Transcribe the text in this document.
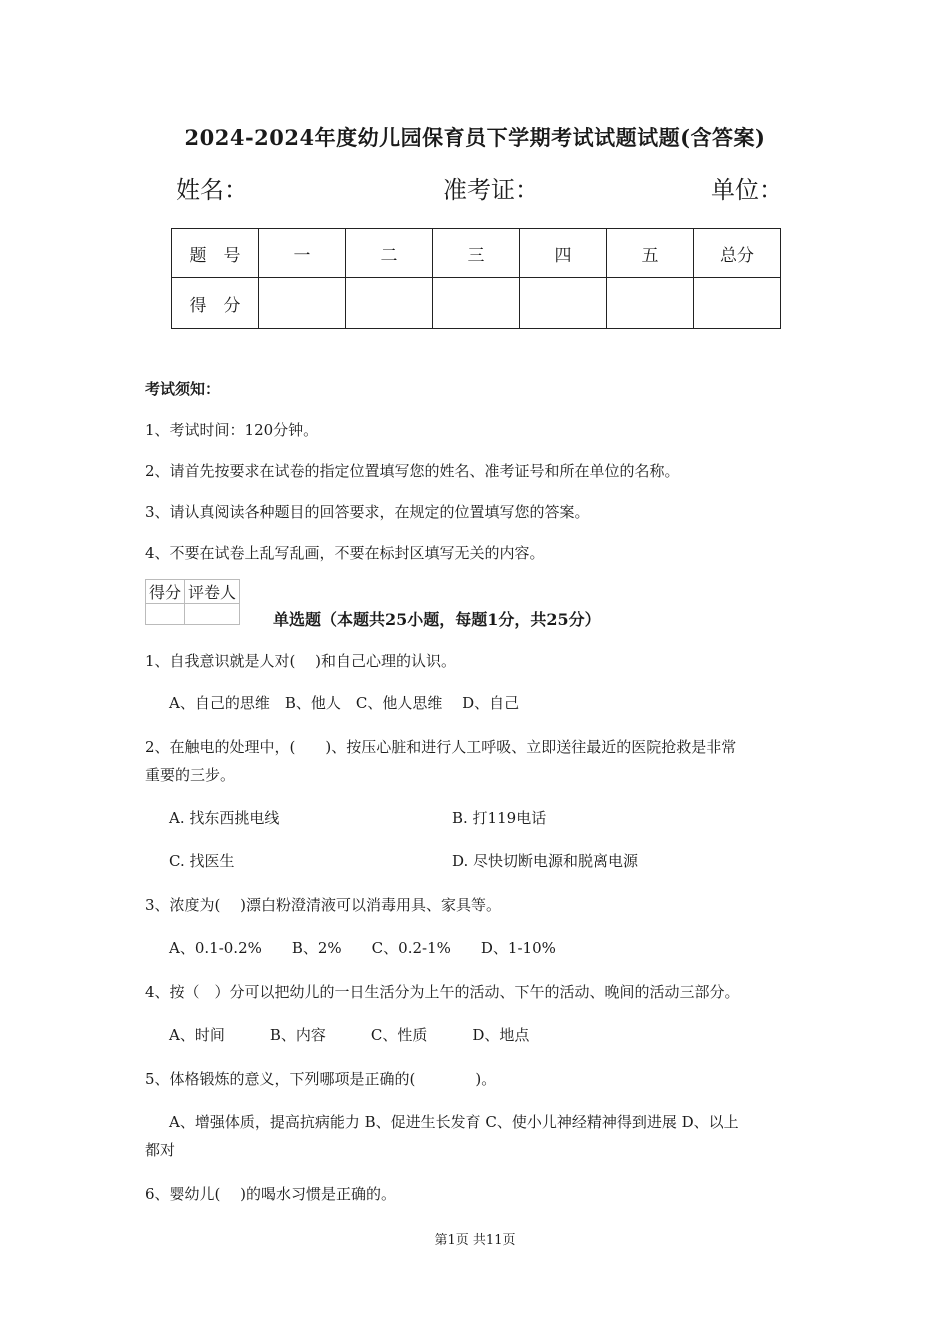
2024-2024年度幼儿园保育员下学期考试试题试题(含答案)
姓名：	准考证：	单位：
题　号	一	二	三	四	五	总分
得　分						
考试须知：
1、考试时间：120分钟。
2、请首先按要求在试卷的指定位置填写您的姓名、准考证号和所在单位的名称。
3、请认真阅读各种题目的回答要求，在规定的位置填写您的答案。
4、不要在试卷上乱写乱画，不要在标封区填写无关的内容。
得分	评卷人

单选题（本题共25小题，每题1分，共25分）
1、自我意识就是人对(　 )和自己心理的认识。
A、自己的思维　B、他人　C、他人思维　 D、自己
2、在触电的处理中，(　　)、按压心脏和进行人工呼吸、立即送往最近的医院抢救是非常
重要的三步。
A. 找东西挑电线	B. 打119电话
C. 找医生	D. 尽快切断电源和脱离电源
3、浓度为(　 )漂白粉澄清液可以消毒用具、家具等。
A、0.1-0.2%　　B、2%　　C、0.2-1%　　D、1-10%
4、按（　）分可以把幼儿的一日生活分为上午的活动、下午的活动、晚间的活动三部分。
A、时间　　　B、内容　　　C、性质　　　D、地点
5、体格锻炼的意义，下列哪项是正确的(　　　　)。
A、增强体质，提高抗病能力 B、促进生长发育 C、使小儿神经精神得到进展 D、以上
都对
6、婴幼儿(　 )的喝水习惯是正确的。
第1页 共11页
